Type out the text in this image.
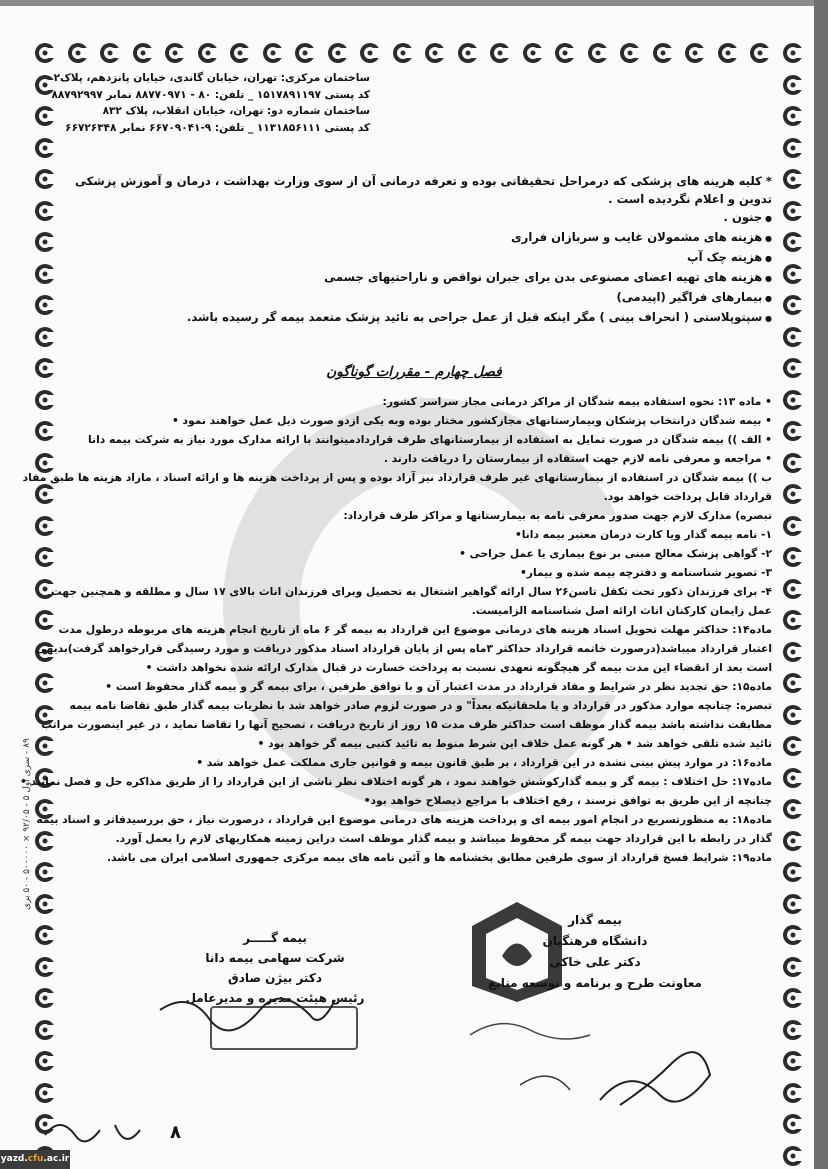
ساختمان مرکزی: تهران، خیابان گاندی، خیابان پانزدهم، پلاک۲
کد پستی ۱۵۱۷۸۹۱۱۹۷ _ تلفن: ۸۰ - ۸۸۷۷۰۹۷۱ نمابر ۸۸۷۹۲۹۹۷
ساختمان شماره دو: تهران، خیابان انقلاب، پلاک ۸۳۲
کد پستی ۱۱۳۱۸۵۶۱۱۱ _ تلفن: ۹-۶۶۷۰۹۰۴۱ نمابر ۶۶۷۲۶۳۴۸
* کلیه هزینه های پزشکی که درمراحل تحقیقاتی بوده و تعرفه درمانی آن از سوی وزارت بهداشت ، درمان و آموزش پزشکی
تدوین و اعلام نگردیده است .
● جنون .
● هزینه های مشمولان غایب و سربازان فراری
● هزینه چک آپ
● هزینه های تهیه اعضای مصنوعی بدن برای جبران نواقص و ناراحتیهای جسمی
● بیمارهای فراگیر (اپیدمی)
● سپتوپلاستی ( انحراف بینی ) مگر اینکه قبل از عمل جراحی به تائید پزشک متعمد بیمه گر رسیده باشد.
فصل چهارم - مقررات گوناگون
• ماده ۱۳: نحوه استفاده بیمه شدگان از مراکز درمانی مجاز سراسر کشور:
• بیمه شدگان درانتخاب پزشکان وبیمارستانهای مجازکشور مختار بوده وبه یکی ازدو صورت ذیل عمل خواهند نمود •
• الف )) بیمه شدگان در صورت تمایل به استفاده از بیمارستانهای طرف قراردادمیتوانند با ارائه مدارک مورد نیاز به شرکت بیمه دانا
• مراجعه و معرفی نامه لازم جهت استفاده از بیمارستان را دریافت دارند .
ب )) بیمه شدگان در استفاده از بیمارستانهای غیر طرف قرارداد نیز آزاد بوده و پس از پرداخت هزینه ها و ارائه اسناد ، مازاد هزینه ها طبق مفاد
قرارداد قابل پرداخت خواهد بود.
تبصره) مدارک لازم جهت صدور معرفی نامه به بیمارستانها و مراکز طرف قرارداد:
۱- نامه بیمه گذار ویا کارت درمان معتبر بیمه دانا•
۲- گواهی پزشک معالج مبنی بر نوع بیماری یا عمل جراحی •
۳- تصویر شناسنامه و دفترچه بیمه شده و بیمار•
۴- برای فرزندان ذکور تحت تکفل تاسن۲۶ سال ارائه گواهیر اشتغال به تحصیل وبرای فرزندان اناث بالای ۱۷ سال و مطلقه و همچنین جهت
عمل زایمان کارکنان اناث ارائه اصل شناسنامه الزامیست.
ماده۱۴: حداکثر مهلت تحویل اسناد هزینه های درمانی موضوع این قرارداد به بیمه گر ۶ ماه از تاریخ انجام هزینه های مربوطه درطول مدت
اعتبار قرارداد میباشد(درصورت خاتمه قرارداد حداکثر ۳ماه پس از پایان قرارداد اسناد مذکور دریافت و مورد رسیدگی قرارخواهد گرفت)بدیهی
است بعد از انقضاء این مدت بیمه گر هیچگونه تعهدی نسبت به پرداخت خسارت در قبال مدارک ارائه شده نخواهد داشت •
ماده۱۵: حق تجدید نظر در شرایط و مفاد قرارداد در مدت اعتبار آن و با توافق طرفین ، برای بیمه گر و بیمه گذار محفوظ است •
تبصره: چنانچه موارد مذکور در قرارداد و یا ملحقاتیکه بعداً" و در صورت لزوم صادر خواهد شد با نظریات بیمه گذار طبق تقاضا نامه بیمه
مطابقت نداشته باشد بیمه گذار موظف است حداکثر ظرف مدت ۱۵ روز از تاریخ دریافت ، تصحیح آنها را تقاضا نماید ، در غیر اینصورت مراتب
تائید شده تلقی خواهد شد • هر گونه عمل خلاف این شرط منوط به تائید کتبی بیمه گر خواهد بود •
ماده۱۶: در موارد پیش بینی نشده در این قرارداد ، بر طبق قانون بیمه و قوانین جاری مملکت عمل خواهد شد •
ماده۱۷: حل اختلاف : بیمه گر و بیمه گذارکوشش خواهند نمود ، هر گونه اختلاف نظر ناشی از این قرارداد را از طریق مذاکره حل و فصل نمایند •
چنانچه از این طریق به توافق نرسند ، رفع اختلاف با مراجع ذیصلاح خواهد بود•
ماده۱۸: به منظورتسریع در انجام امور بیمه ای و پرداخت هزینه های درمانی موضوع این قرارداد ، درصورت نیاز ، حق بررسیدفاتر و اسناد بیمه
گذار در رابطه با این قرارداد جهت بیمه گر محفوظ میباشد و بیمه گذار موظف است دراین زمینه همکاریهای لازم را بعمل آورد.
ماده۱۹: شرایط فسخ قرارداد از سوی طرفین مطابق بخشنامه ها و آئین نامه های بیمه مرکزی جمهوری اسلامی ایران می باشد.
بیمه گذار
دانشگاه فرهنگیان
دکتر علی خاکی
معاونت طرح و برنامه و توسعه منابع
بیمه گـــــر
شرکت سهامی بیمه دانا
دکتر بیژن صادق
رئیس هیئت مدیره و مدیرعامل
۸۹ - سری اول ۵ - ۹۲/۰۵ × ۵۰۰۰۰۰ - ۵۰ بری
۸
yazd.cfu.ac.ir
